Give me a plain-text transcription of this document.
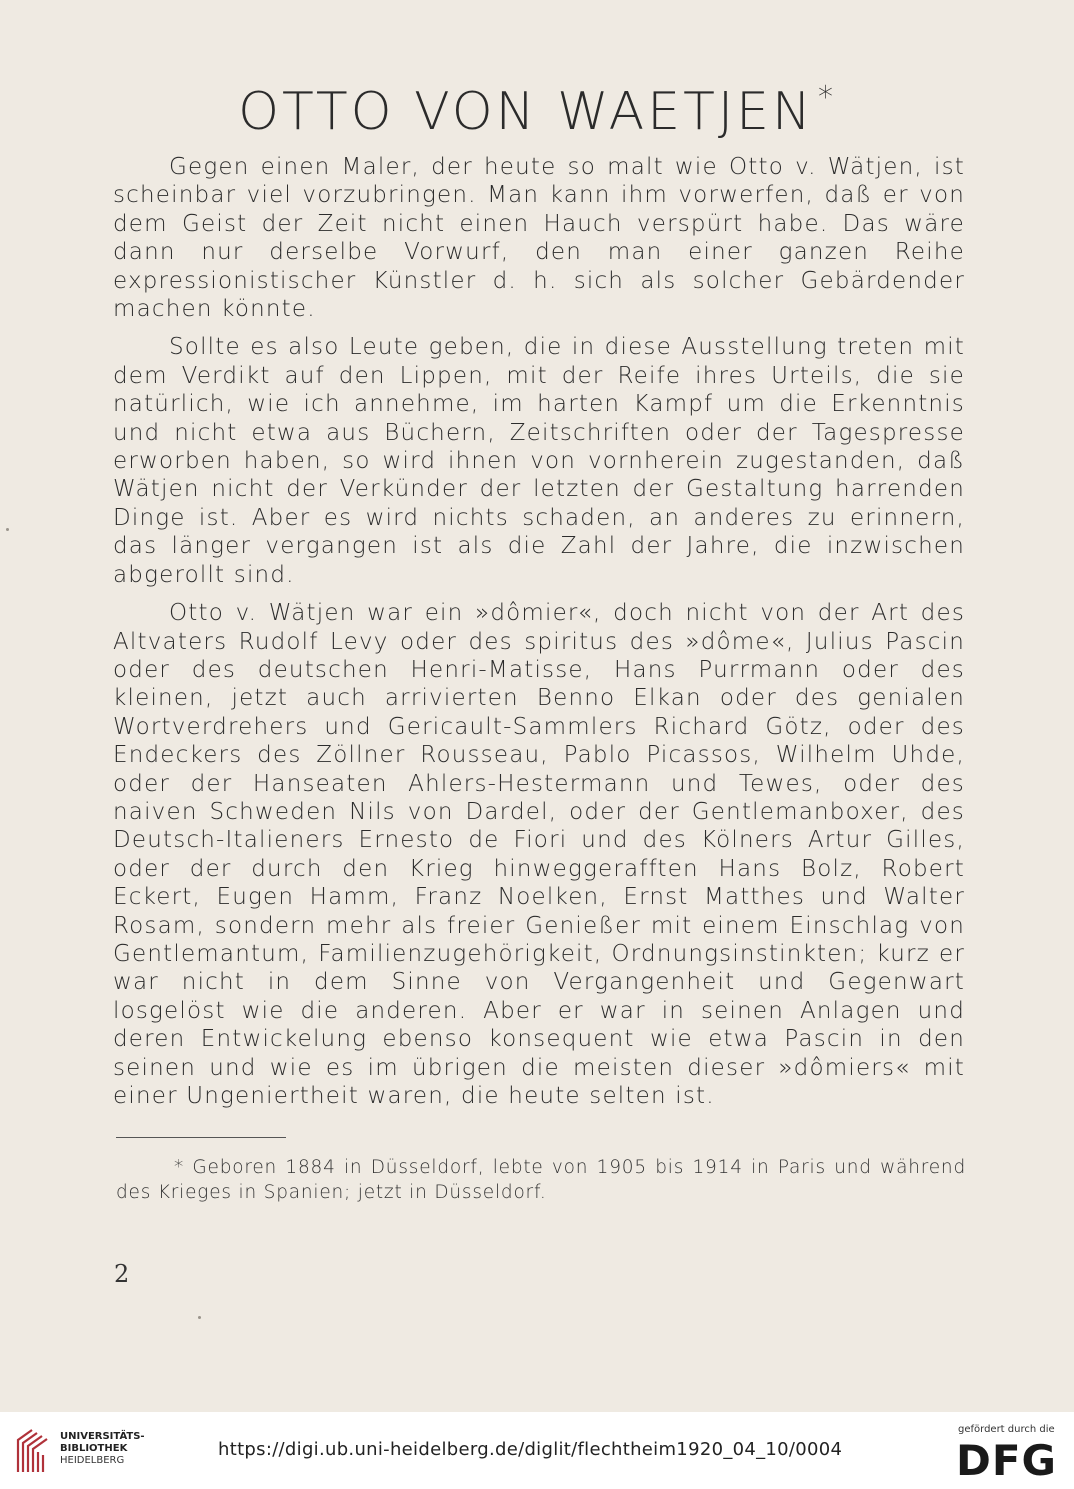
OTTO VON WAETJEN *

Gegen einen Maler, der heute so malt wie Otto v. Wätjen, ist scheinbar viel vorzubringen. Man kann ihm vorwerfen, daß er von dem Geist der Zeit nicht einen Hauch verspürt habe. Das wäre dann nur derselbe Vorwurf, den man einer ganzen Reihe expressionistischer Künstler d. h. sich als solcher Gebärdender machen könnte.

Sollte es also Leute geben, die in diese Ausstellung treten mit dem Verdikt auf den Lippen, mit der Reife ihres Urteils, die sie natürlich, wie ich annehme, im harten Kampf um die Erkenntnis und nicht etwa aus Büchern, Zeitschriften oder der Tagespresse erworben haben, so wird ihnen von vornherein zugestanden, daß Wätjen nicht der Verkünder der letzten der Gestaltung harrenden Dinge ist. Aber es wird nichts schaden, an anderes zu erinnern, das länger vergangen ist als die Zahl der Jahre, die inzwischen abgerollt sind.

Otto v. Wätjen war ein »dômier«, doch nicht von der Art des Altvaters Rudolf Levy oder des spiritus des »dôme«, Julius Pascin oder des deutschen Henri-Matisse, Hans Purrmann oder des kleinen, jetzt auch arrivierten Benno Elkan oder des genialen Wortverdrehers und Gericault-Sammlers Richard Götz, oder des Endeckers des Zöllner Rousseau, Pablo Picassos, Wilhelm Uhde, oder der Hanseaten Ahlers-Hestermann und Tewes, oder des naiven Schweden Nils von Dardel, oder der Gentlemanboxer, des Deutsch-Italieners Ernesto de Fiori und des Kölners Artur Gilles, oder der durch den Krieg hinweggerafften Hans Bolz, Robert Eckert, Eugen Hamm, Franz Noelken, Ernst Matthes und Walter Rosam, sondern mehr als freier Genießer mit einem Einschlag von Gentlemantum, Familienzugehörigkeit, Ordnungsinstinkten; kurz er war nicht in dem Sinne von Vergangenheit und Gegenwart losgelöst wie die anderen. Aber er war in seinen Anlagen und deren Entwickelung ebenso konsequent wie etwa Pascin in den seinen und wie es im übrigen die meisten dieser »dômiers« mit einer Ungeniertheit waren, die heute selten ist.

* Geboren 1884 in Düsseldorf, lebte von 1905 bis 1914 in Paris und während des Krieges in Spanien; jetzt in Düsseldorf.
2
UNIVERSITÄTS-
BIBLIOTHEK
HEIDELBERG
https://digi.ub.uni-heidelberg.de/diglit/flechtheim1920_04_10/0004
gefördert durch die
DFG
